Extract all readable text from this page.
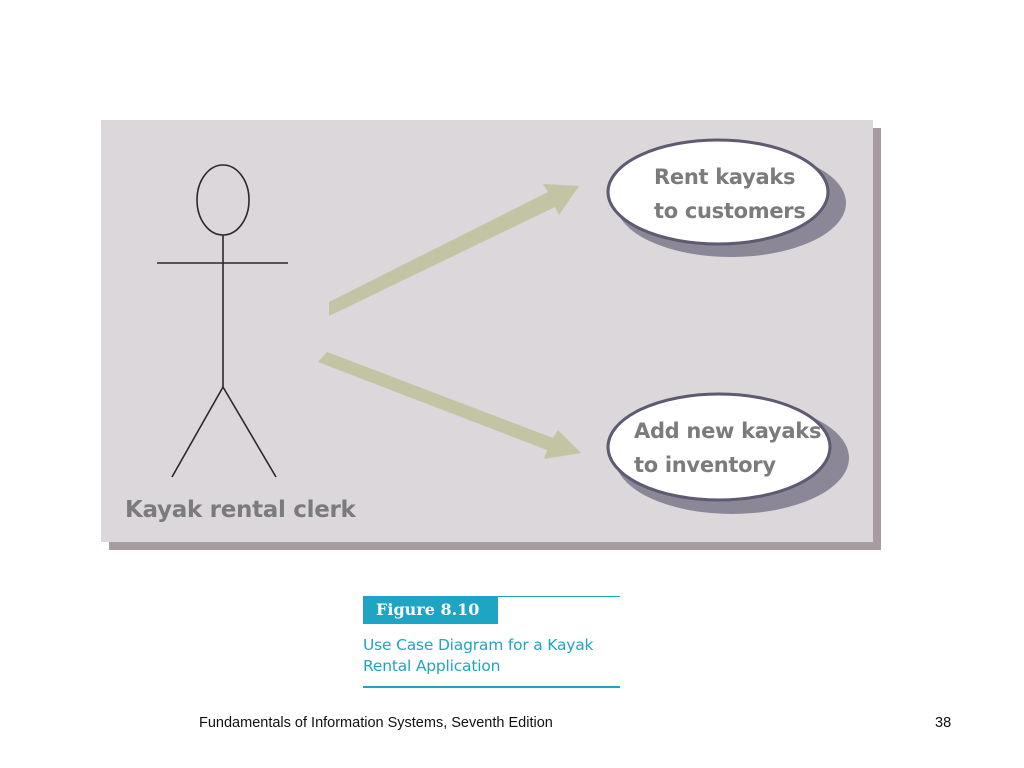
Rent kayaks
to customers
Add new kayaks
to inventory
Kayak rental clerk
Figure 8.10
Use Case Diagram for a Kayak
Rental Application
Fundamentals of Information Systems, Seventh Edition	38
